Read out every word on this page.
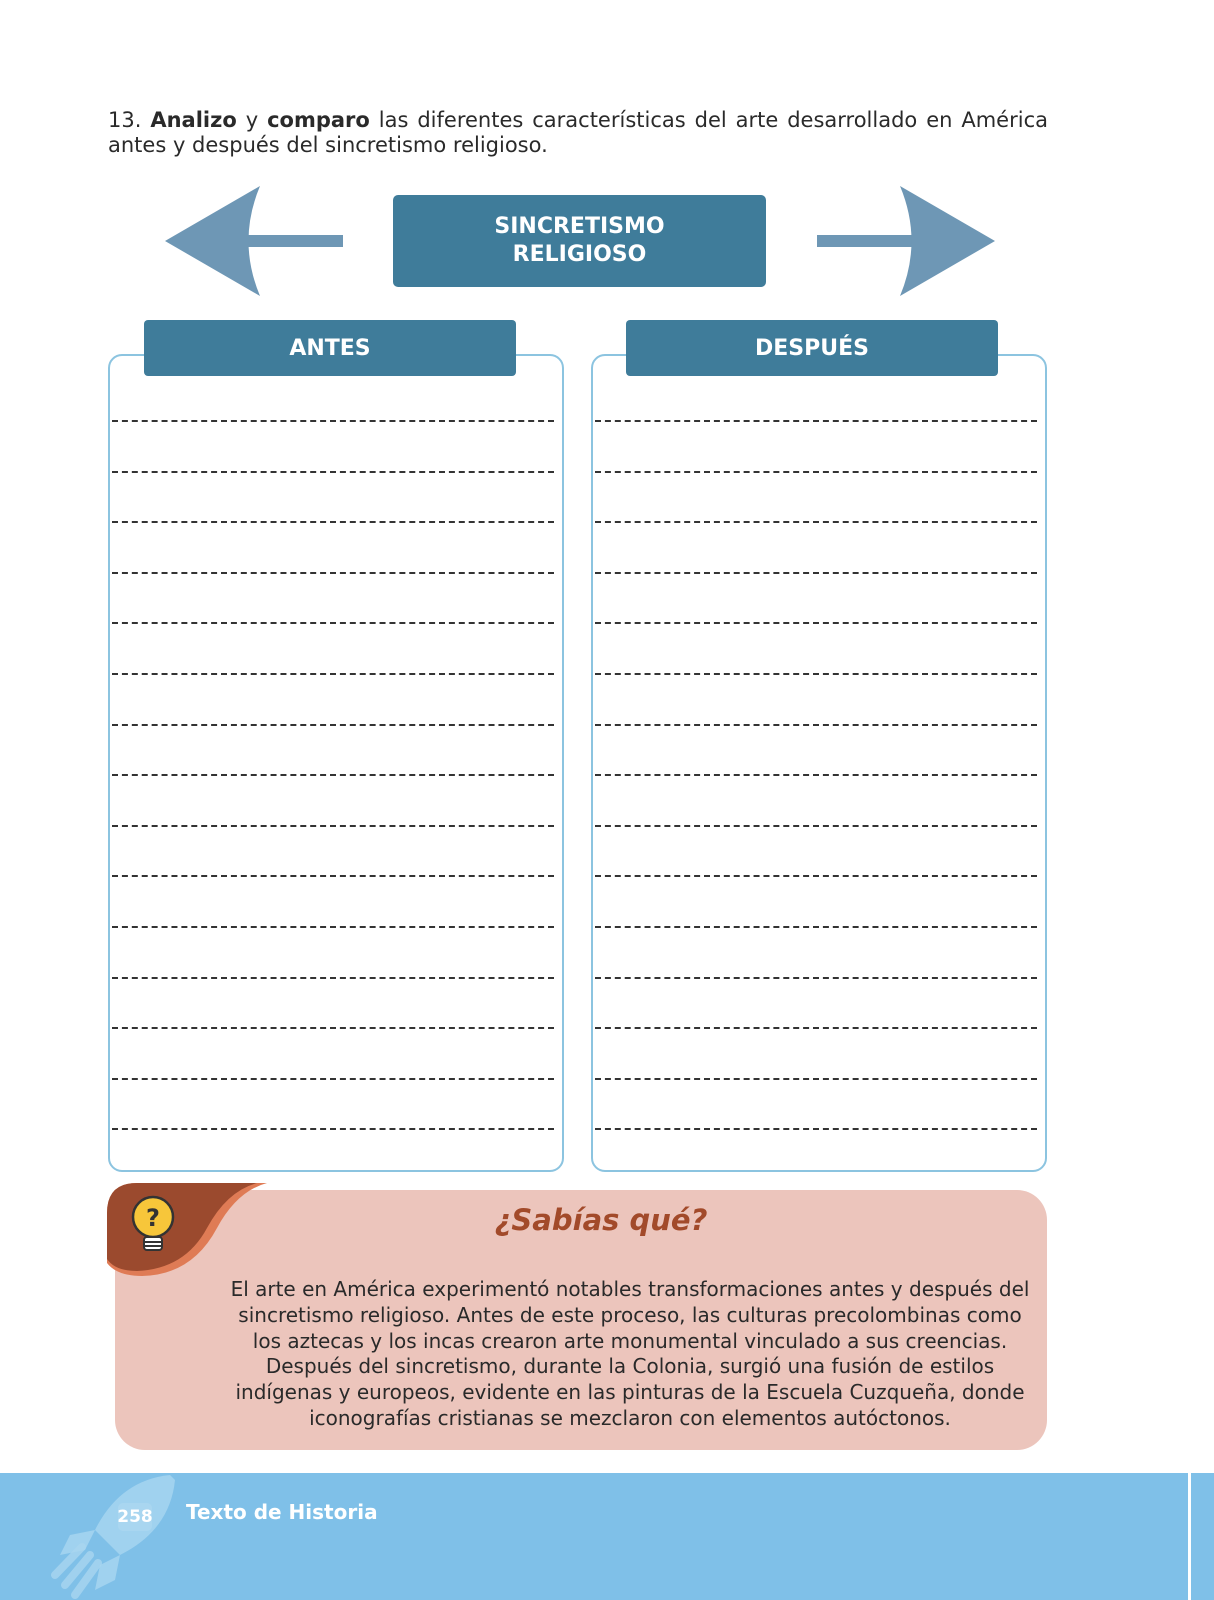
13. Analizo y comparo las diferentes características del arte desarrollado en América antes y después del sincretismo religioso.
SINCRETISMO
RELIGIOSO
ANTES	DESPUÉS
?	¿Sabías qué?
El arte en América experimentó notables transformaciones antes y después del sincretismo religioso. Antes de este proceso, las culturas precolombinas como los aztecas y los incas crearon arte monumental vinculado a sus creencias. Después del sincretismo, durante la Colonia, surgió una fusión de estilos indígenas y europeos, evidente en las pinturas de la Escuela Cuzqueña, donde iconografías cristianas se mezclaron con elementos autóctonos.
258 Texto de Historia
